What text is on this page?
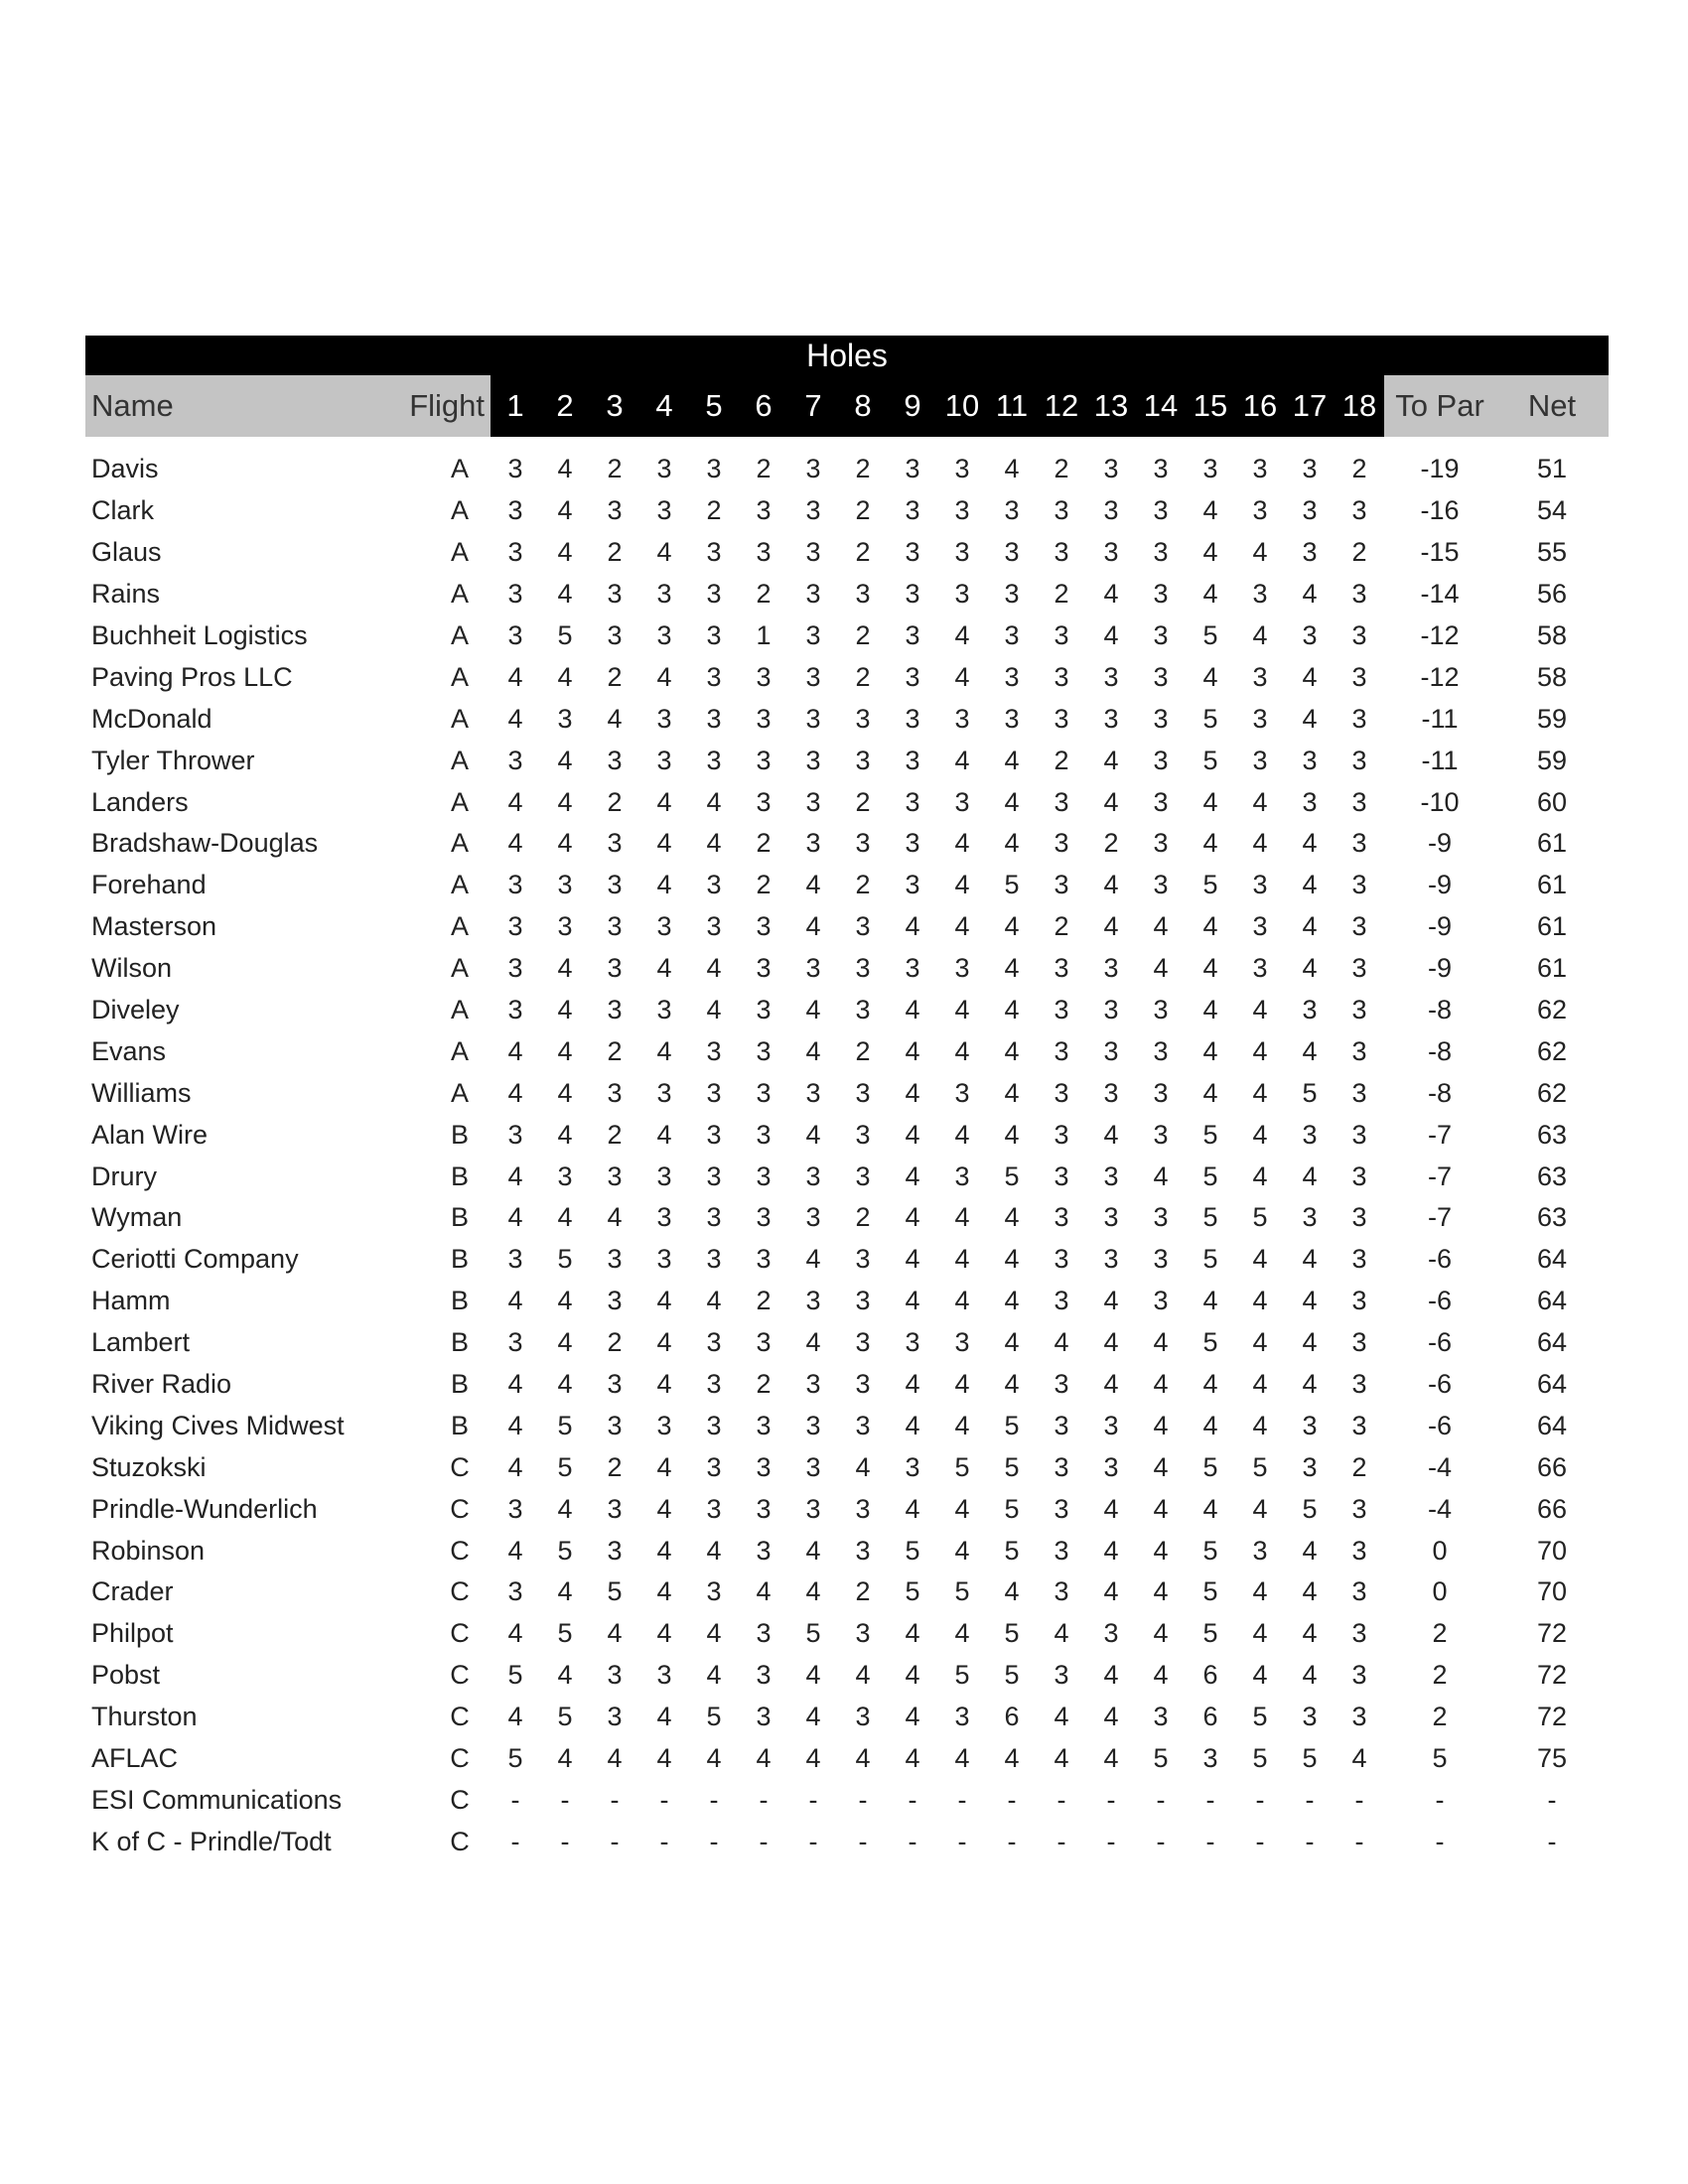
Holes																					
Name	Flight	1	2	3	4	5	6	7	8	9	10	11	12	13	14	15	16	17	18	To Par	Net

Davis	A	3	4	2	3	3	2	3	2	3	3	4	2	3	3	3	3	3	2	-19	51
Clark	A	3	4	3	3	2	3	3	2	3	3	3	3	3	3	4	3	3	3	-16	54
Glaus	A	3	4	2	4	3	3	3	2	3	3	3	3	3	3	4	4	3	2	-15	55
Rains	A	3	4	3	3	3	2	3	3	3	3	3	2	4	3	4	3	4	3	-14	56
Buchheit Logistics	A	3	5	3	3	3	1	3	2	3	4	3	3	4	3	5	4	3	3	-12	58
Paving Pros LLC	A	4	4	2	4	3	3	3	2	3	4	3	3	3	3	4	3	4	3	-12	58
McDonald	A	4	3	4	3	3	3	3	3	3	3	3	3	3	3	5	3	4	3	-11	59
Tyler Thrower	A	3	4	3	3	3	3	3	3	3	4	4	2	4	3	5	3	3	3	-11	59
Landers	A	4	4	2	4	4	3	3	2	3	3	4	3	4	3	4	4	3	3	-10	60
Bradshaw-Douglas	A	4	4	3	4	4	2	3	3	3	4	4	3	2	3	4	4	4	3	-9	61
Forehand	A	3	3	3	4	3	2	4	2	3	4	5	3	4	3	5	3	4	3	-9	61
Masterson	A	3	3	3	3	3	3	4	3	4	4	4	2	4	4	4	3	4	3	-9	61
Wilson	A	3	4	3	4	4	3	3	3	3	3	4	3	3	4	4	3	4	3	-9	61
Diveley	A	3	4	3	3	4	3	4	3	4	4	4	3	3	3	4	4	3	3	-8	62
Evans	A	4	4	2	4	3	3	4	2	4	4	4	3	3	3	4	4	4	3	-8	62
Williams	A	4	4	3	3	3	3	3	3	4	3	4	3	3	3	4	4	5	3	-8	62
Alan Wire	B	3	4	2	4	3	3	4	3	4	4	4	3	4	3	5	4	3	3	-7	63
Drury	B	4	3	3	3	3	3	3	3	4	3	5	3	3	4	5	4	4	3	-7	63
Wyman	B	4	4	4	3	3	3	3	2	4	4	4	3	3	3	5	5	3	3	-7	63
Ceriotti Company	B	3	5	3	3	3	3	4	3	4	4	4	3	3	3	5	4	4	3	-6	64
Hamm	B	4	4	3	4	4	2	3	3	4	4	4	3	4	3	4	4	4	3	-6	64
Lambert	B	3	4	2	4	3	3	4	3	3	3	4	4	4	4	5	4	4	3	-6	64
River Radio	B	4	4	3	4	3	2	3	3	4	4	4	3	4	4	4	4	4	3	-6	64
Viking Cives Midwest	B	4	5	3	3	3	3	3	3	4	4	5	3	3	4	4	4	3	3	-6	64
Stuzokski	C	4	5	2	4	3	3	3	4	3	5	5	3	3	4	5	5	3	2	-4	66
Prindle-Wunderlich	C	3	4	3	4	3	3	3	3	4	4	5	3	4	4	4	4	5	3	-4	66
Robinson	C	4	5	3	4	4	3	4	3	5	4	5	3	4	4	5	3	4	3	0	70
Crader	C	3	4	5	4	3	4	4	2	5	5	4	3	4	4	5	4	4	3	0	70
Philpot	C	4	5	4	4	4	3	5	3	4	4	5	4	3	4	5	4	4	3	2	72
Pobst	C	5	4	3	3	4	3	4	4	4	5	5	3	4	4	6	4	4	3	2	72
Thurston	C	4	5	3	4	5	3	4	3	4	3	6	4	4	3	6	5	3	3	2	72
AFLAC	C	5	4	4	4	4	4	4	4	4	4	4	4	4	5	3	5	5	4	5	75
ESI Communications	C	-	-	-	-	-	-	-	-	-	-	-	-	-	-	-	-	-	-	-	-
K of C - Prindle/Todt	C	-	-	-	-	-	-	-	-	-	-	-	-	-	-	-	-	-	-	-	-
